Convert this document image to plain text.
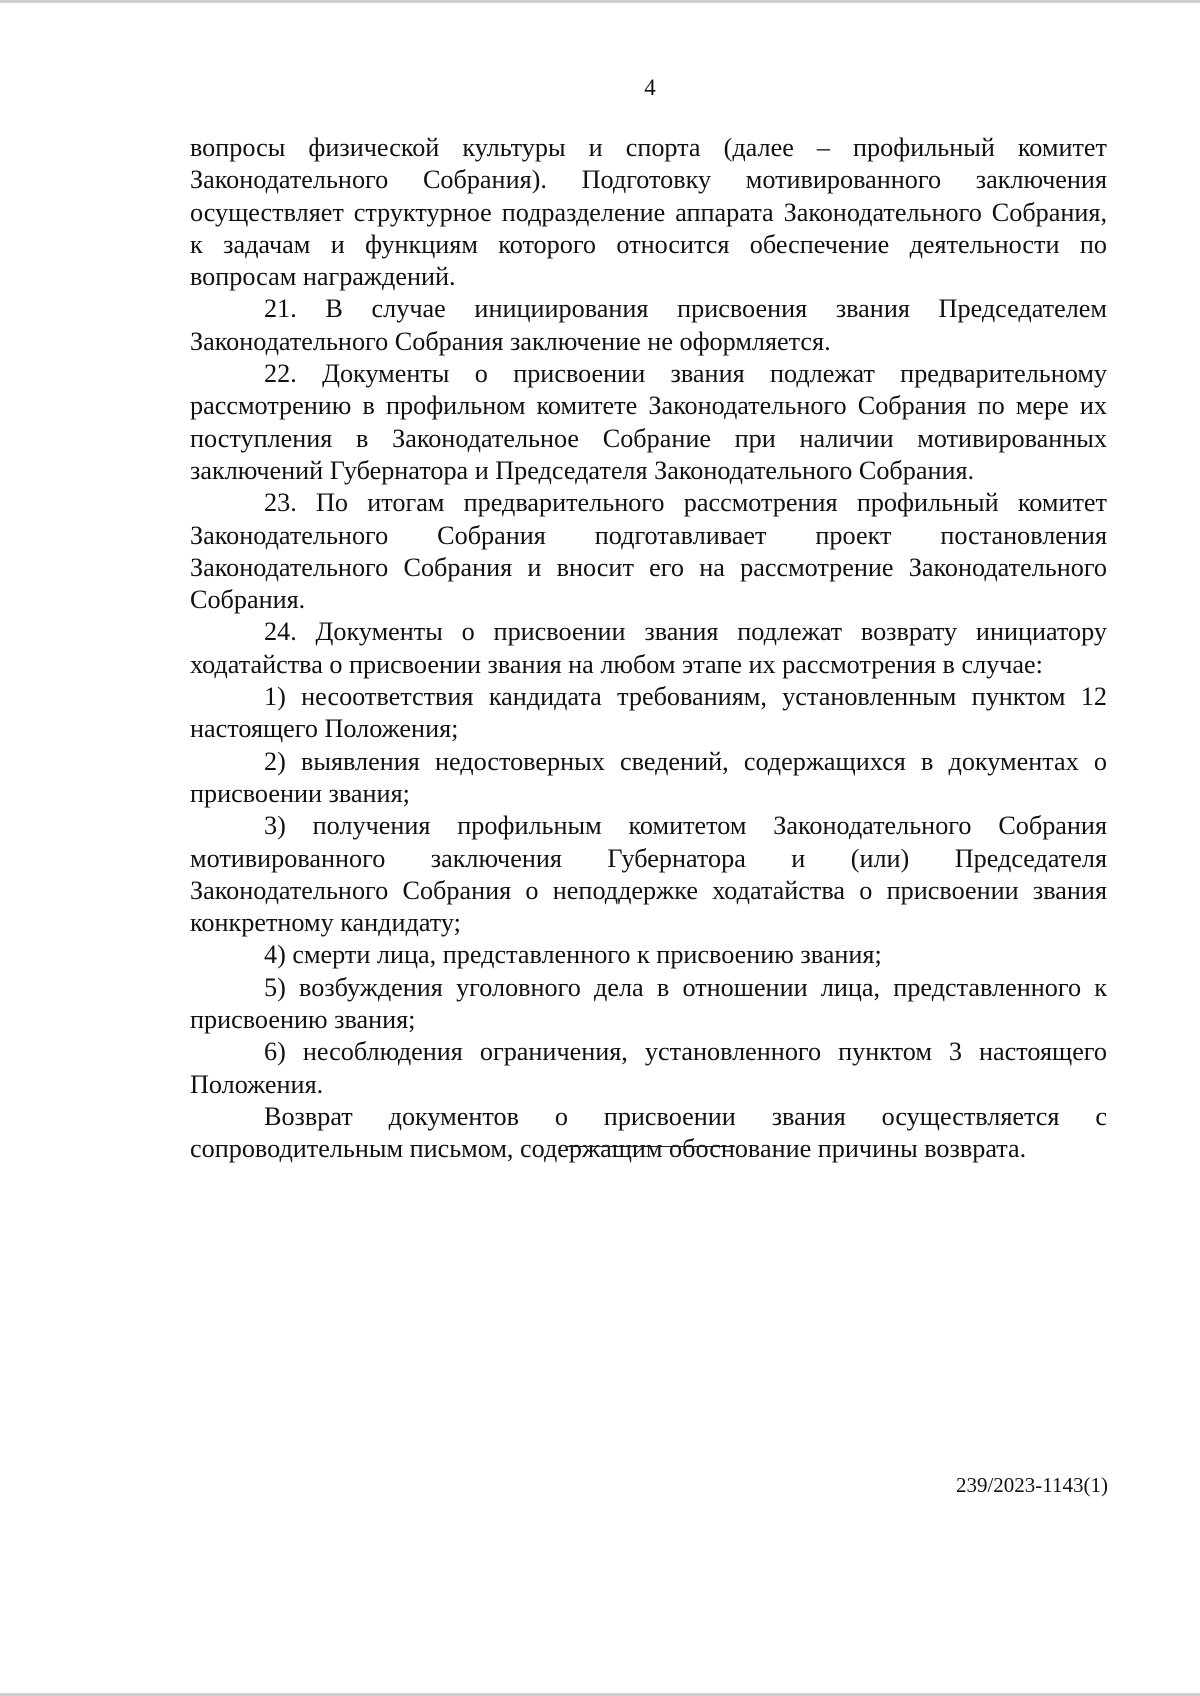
4

вопросы физической культуры и спорта (далее – профильный комитет Законодательного Собрания). Подготовку мотивированного заключения осуществляет структурное подразделение аппарата Законодательного Собрания, к задачам и функциям которого относится обеспечение деятельности по вопросам награждений.

21. В случае инициирования присвоения звания Председателем Законодательного Собрания заключение не оформляется.

22. Документы о присвоении звания подлежат предварительному рассмотрению в профильном комитете Законодательного Собрания по мере их поступления в Законодательное Собрание при наличии мотивированных заключений Губернатора и Председателя Законодательного Собрания.

23. По итогам предварительного рассмотрения профильный комитет Законодательного Собрания подготавливает проект постановления Законодательного Собрания и вносит его на рассмотрение Законодательного Собрания.

24. Документы о присвоении звания подлежат возврату инициатору ходатайства о присвоении звания на любом этапе их рассмотрения в случае:

1) несоответствия кандидата требованиям, установленным пунктом 12 настоящего Положения;

2) выявления недостоверных сведений, содержащихся в документах о присвоении звания;

3) получения профильным комитетом Законодательного Собрания мотивированного заключения Губернатора и (или) Председателя Законодательного Собрания о неподдержке ходатайства о присвоении звания конкретному кандидату;

4) смерти лица, представленного к присвоению звания;

5) возбуждения уголовного дела в отношении лица, представленного к присвоению звания;

6) несоблюдения ограничения, установленного пунктом 3 настоящего Положения.

Возврат документов о присвоении звания осуществляется с сопроводительным письмом, содержащим обоснование причины возврата.

239/2023-1143(1)
